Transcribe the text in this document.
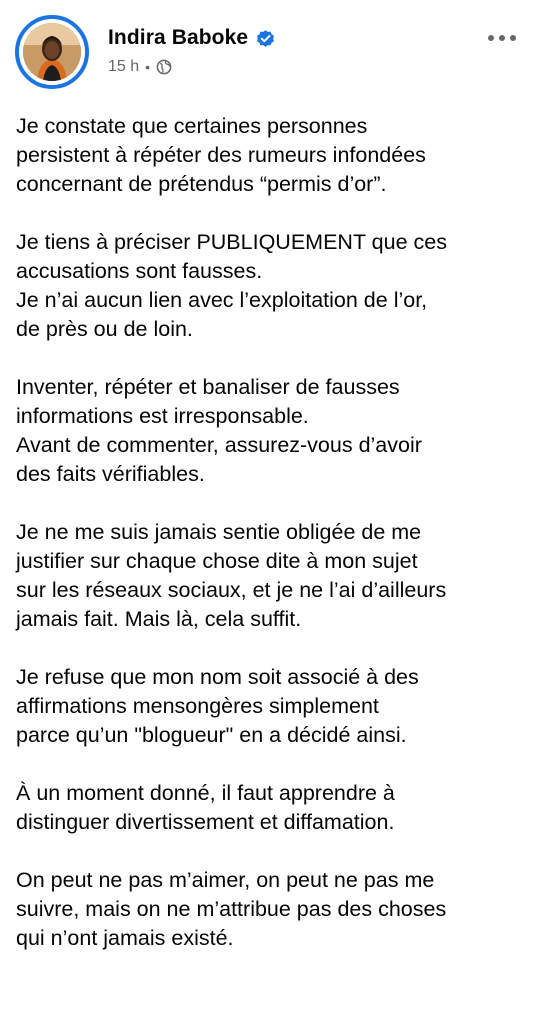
Indira Baboke
15 h •

Je constate que certaines personnes
persistent à répéter des rumeurs infondées
concernant de prétendus “permis d’or”.

Je tiens à préciser PUBLIQUEMENT que ces
accusations sont fausses.
Je n’ai aucun lien avec l’exploitation de l’or,
de près ou de loin.

Inventer, répéter et banaliser de fausses
informations est irresponsable.
Avant de commenter, assurez-vous d’avoir
des faits vérifiables.

Je ne me suis jamais sentie obligée de me
justifier sur chaque chose dite à mon sujet
sur les réseaux sociaux, et je ne l’ai d’ailleurs
jamais fait. Mais là, cela suffit.

Je refuse que mon nom soit associé à des
affirmations mensongères simplement
parce qu’un "blogueur" en a décidé ainsi.

À un moment donné, il faut apprendre à
distinguer divertissement et diffamation.

On peut ne pas m’aimer, on peut ne pas me
suivre, mais on ne m’attribue pas des choses
qui n’ont jamais existé.
